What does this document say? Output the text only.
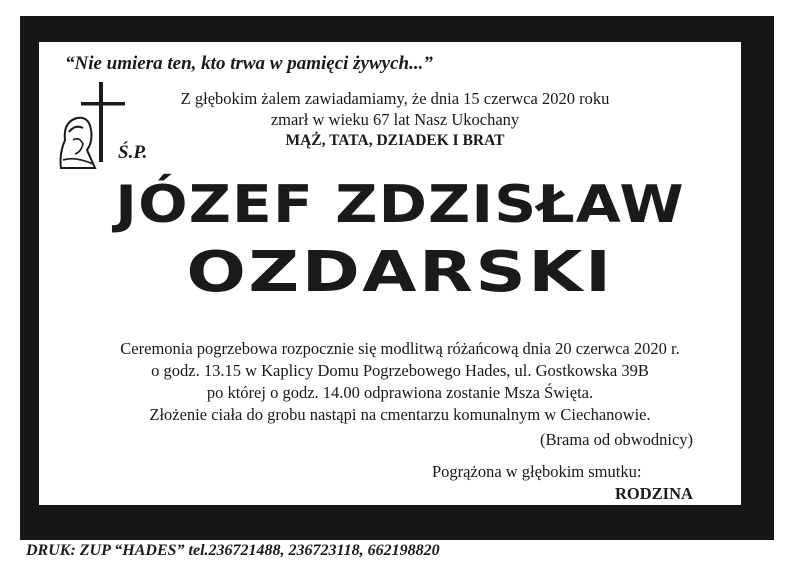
“Nie umiera ten, kto trwa w pamięci żywych...”
Z głębokim żalem zawiadamiamy, że dnia 15 czerwca 2020 roku
zmarł w wieku 67 lat Nasz Ukochany
MĄŻ, TATA, DZIADEK I BRAT
Ś.P.
JÓZEF ZDZISŁAW
OZDARSKI
Ceremonia pogrzebowa rozpocznie się modlitwą różańcową dnia 20 czerwca 2020 r.
o godz. 13.15 w Kaplicy Domu Pogrzebowego Hades, ul. Gostkowska 39B
po której o godz. 14.00 odprawiona zostanie Msza Święta.
Złożenie ciała do grobu nastąpi na cmentarzu komunalnym w Ciechanowie.
(Brama od obwodnicy)
Pogrążona w głębokim smutku:
RODZINA
DRUK: ZUP “HADES” tel.236721488, 236723118, 662198820
